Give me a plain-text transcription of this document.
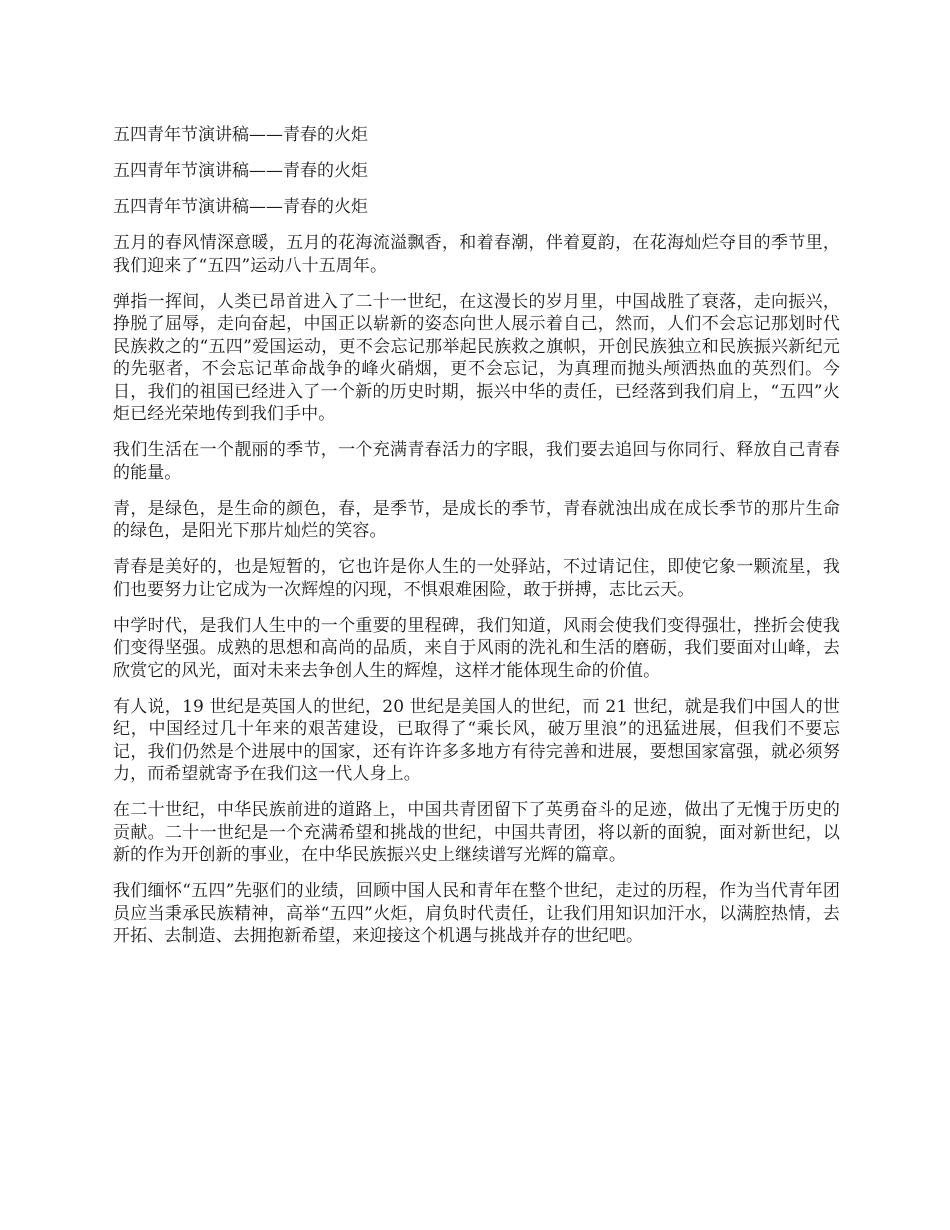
五四青年节演讲稿——青春的火炬

五四青年节演讲稿——青春的火炬

五四青年节演讲稿——青春的火炬

五月的春风情深意暖，五月的花海流溢飘香，和着春潮，伴着夏韵，在花海灿烂夺目的季节里，我们迎来了“五四”运动八十五周年。

弹指一挥间，人类已昂首进入了二十一世纪，在这漫长的岁月里，中国战胜了衰落，走向振兴，挣脱了屈辱，走向奋起，中国正以崭新的姿态向世人展示着自己，然而，人们不会忘记那划时代民族救之的“五四”爱国运动，更不会忘记那举起民族救之旗帜，开创民族独立和民族振兴新纪元的先驱者，不会忘记革命战争的峰火硝烟，更不会忘记，为真理而抛头颅洒热血的英烈们。今日，我们的祖国已经进入了一个新的历史时期，振兴中华的责任，已经落到我们肩上，“五四”火炬已经光荣地传到我们手中。

我们生活在一个靓丽的季节，一个充满青春活力的字眼，我们要去追回与你同行、释放自己青春的能量。

青，是绿色，是生命的颜色，春，是季节，是成长的季节，青春就浊出成在成长季节的那片生命的绿色，是阳光下那片灿烂的笑容。

青春是美好的，也是短暂的，它也许是你人生的一处驿站，不过请记住，即使它象一颗流星，我们也要努力让它成为一次辉煌的闪现，不惧艰难困险，敢于拼搏，志比云天。

中学时代，是我们人生中的一个重要的里程碑，我们知道，风雨会使我们变得强壮，挫折会使我们变得坚强。成熟的思想和高尚的品质，来自于风雨的洗礼和生活的磨砺，我们要面对山峰，去欣赏它的风光，面对未来去争创人生的辉煌，这样才能体现生命的价值。

有人说，19 世纪是英国人的世纪，20 世纪是美国人的世纪，而 21 世纪，就是我们中国人的世纪，中国经过几十年来的艰苦建设，已取得了“乘长风，破万里浪”的迅猛进展，但我们不要忘记，我们仍然是个进展中的国家，还有许许多多地方有待完善和进展，要想国家富强，就必须努力，而希望就寄予在我们这一代人身上。

在二十世纪，中华民族前进的道路上，中国共青团留下了英勇奋斗的足迹，做出了无愧于历史的贡献。二十一世纪是一个充满希望和挑战的世纪，中国共青团，将以新的面貌，面对新世纪，以新的作为开创新的事业，在中华民族振兴史上继续谱写光辉的篇章。

我们缅怀“五四”先驱们的业绩，回顾中国人民和青年在整个世纪，走过的历程，作为当代青年团员应当秉承民族精神，高举“五四”火炬，肩负时代责任，让我们用知识加汗水，以满腔热情，去开拓、去制造、去拥抱新希望，来迎接这个机遇与挑战并存的世纪吧。
